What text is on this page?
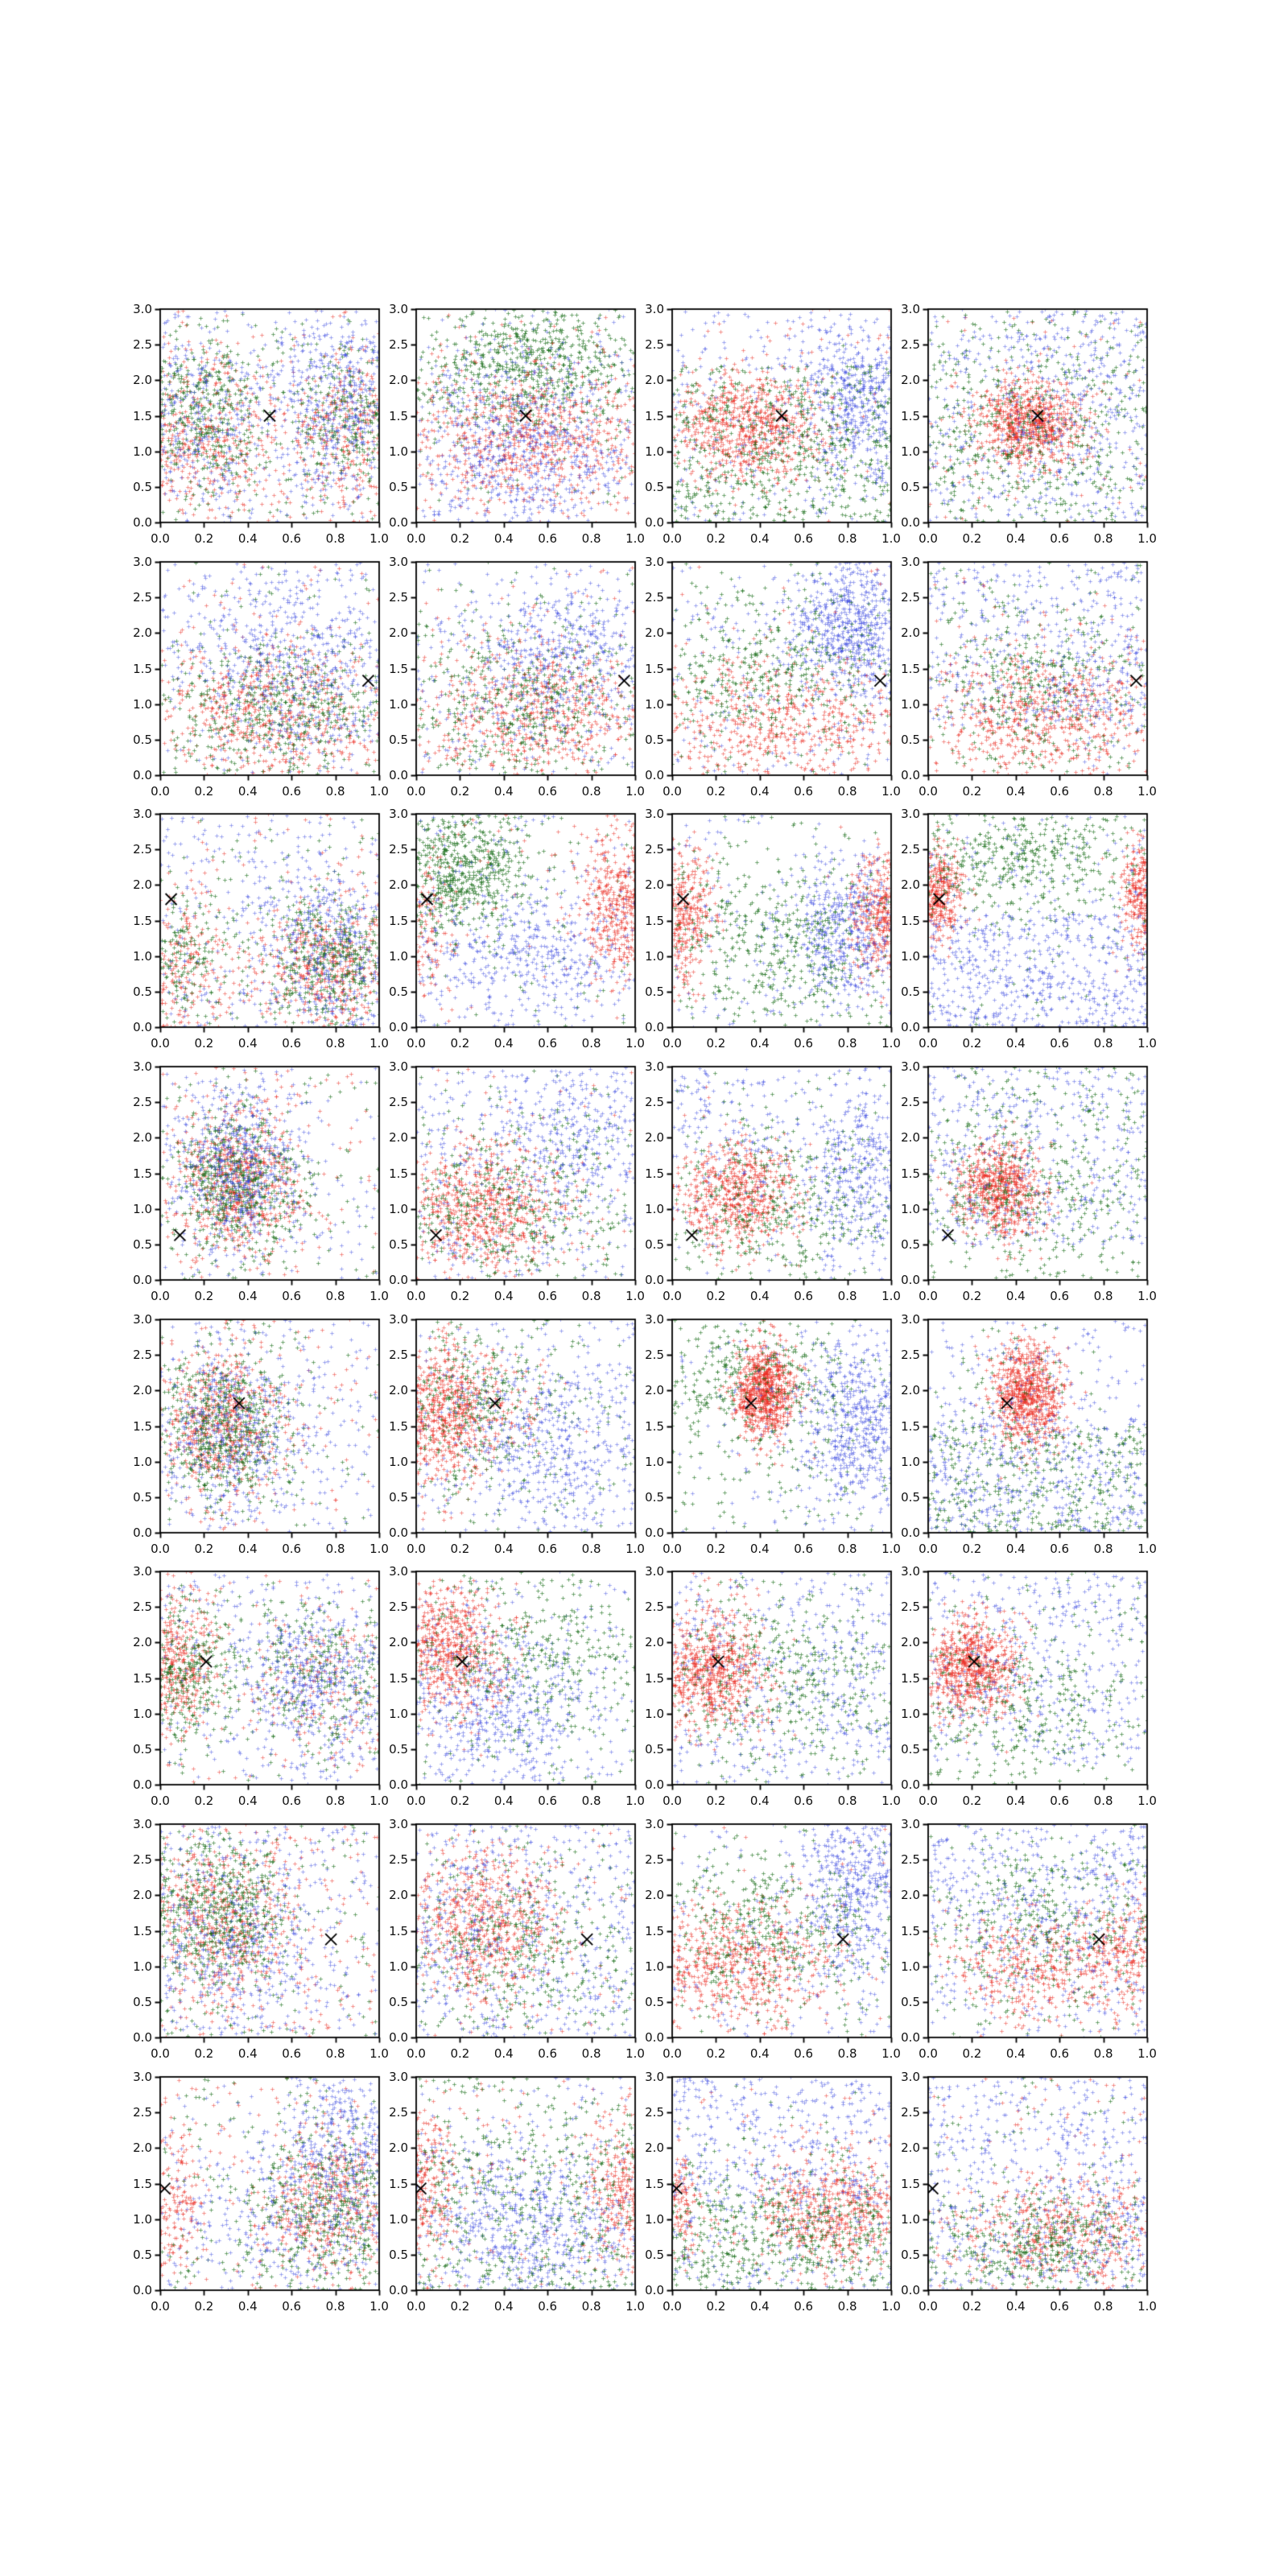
0.0	0.2	0.4	0.6	0.8	1.0
0.0
0.5
1.0
1.5
2.0
2.5
3.0
0.0	0.2	0.4	0.6	0.8	1.0
0.0
0.5
1.0
1.5
2.0
2.5
3.0
0.0	0.2	0.4	0.6	0.8	1.0
0.0
0.5
1.0
1.5
2.0
2.5
3.0
0.0	0.2	0.4	0.6	0.8	1.0
0.0
0.5
1.0
1.5
2.0
2.5
3.0
0.0	0.2	0.4	0.6	0.8	1.0
0.0
0.5
1.0
1.5
2.0
2.5
3.0
0.0	0.2	0.4	0.6	0.8	1.0
0.0
0.5
1.0
1.5
2.0
2.5
3.0
0.0	0.2	0.4	0.6	0.8	1.0
0.0
0.5
1.0
1.5
2.0
2.5
3.0
0.0	0.2	0.4	0.6	0.8	1.0
0.0
0.5
1.0
1.5
2.0
2.5
3.0
0.0	0.2	0.4	0.6	0.8	1.0
0.0
0.5
1.0
1.5
2.0
2.5
3.0
0.0	0.2	0.4	0.6	0.8	1.0
0.0
0.5
1.0
1.5
2.0
2.5
3.0
0.0	0.2	0.4	0.6	0.8	1.0
0.0
0.5
1.0
1.5
2.0
2.5
3.0
0.0	0.2	0.4	0.6	0.8	1.0
0.0
0.5
1.0
1.5
2.0
2.5
3.0
0.0	0.2	0.4	0.6	0.8	1.0
0.0
0.5
1.0
1.5
2.0
2.5
3.0
0.0	0.2	0.4	0.6	0.8	1.0
0.0
0.5
1.0
1.5
2.0
2.5
3.0
0.0	0.2	0.4	0.6	0.8	1.0
0.0
0.5
1.0
1.5
2.0
2.5
3.0
0.0	0.2	0.4	0.6	0.8	1.0
0.0
0.5
1.0
1.5
2.0
2.5
3.0
0.0	0.2	0.4	0.6	0.8	1.0
0.0
0.5
1.0
1.5
2.0
2.5
3.0
0.0	0.2	0.4	0.6	0.8	1.0
0.0
0.5
1.0
1.5
2.0
2.5
3.0
0.0	0.2	0.4	0.6	0.8	1.0
0.0
0.5
1.0
1.5
2.0
2.5
3.0
0.0	0.2	0.4	0.6	0.8	1.0
0.0
0.5
1.0
1.5
2.0
2.5
3.0
0.0	0.2	0.4	0.6	0.8	1.0
0.0
0.5
1.0
1.5
2.0
2.5
3.0
0.0	0.2	0.4	0.6	0.8	1.0
0.0
0.5
1.0
1.5
2.0
2.5
3.0
0.0	0.2	0.4	0.6	0.8	1.0
0.0
0.5
1.0
1.5
2.0
2.5
3.0
0.0	0.2	0.4	0.6	0.8	1.0
0.0
0.5
1.0
1.5
2.0
2.5
3.0
0.0	0.2	0.4	0.6	0.8	1.0
0.0
0.5
1.0
1.5
2.0
2.5
3.0
0.0	0.2	0.4	0.6	0.8	1.0
0.0
0.5
1.0
1.5
2.0
2.5
3.0
0.0	0.2	0.4	0.6	0.8	1.0
0.0
0.5
1.0
1.5
2.0
2.5
3.0
0.0	0.2	0.4	0.6	0.8	1.0
0.0
0.5
1.0
1.5
2.0
2.5
3.0
0.0	0.2	0.4	0.6	0.8	1.0
0.0
0.5
1.0
1.5
2.0
2.5
3.0
0.0	0.2	0.4	0.6	0.8	1.0
0.0
0.5
1.0
1.5
2.0
2.5
3.0
0.0	0.2	0.4	0.6	0.8	1.0
0.0
0.5
1.0
1.5
2.0
2.5
3.0
0.0	0.2	0.4	0.6	0.8	1.0
0.0
0.5
1.0
1.5
2.0
2.5
3.0
